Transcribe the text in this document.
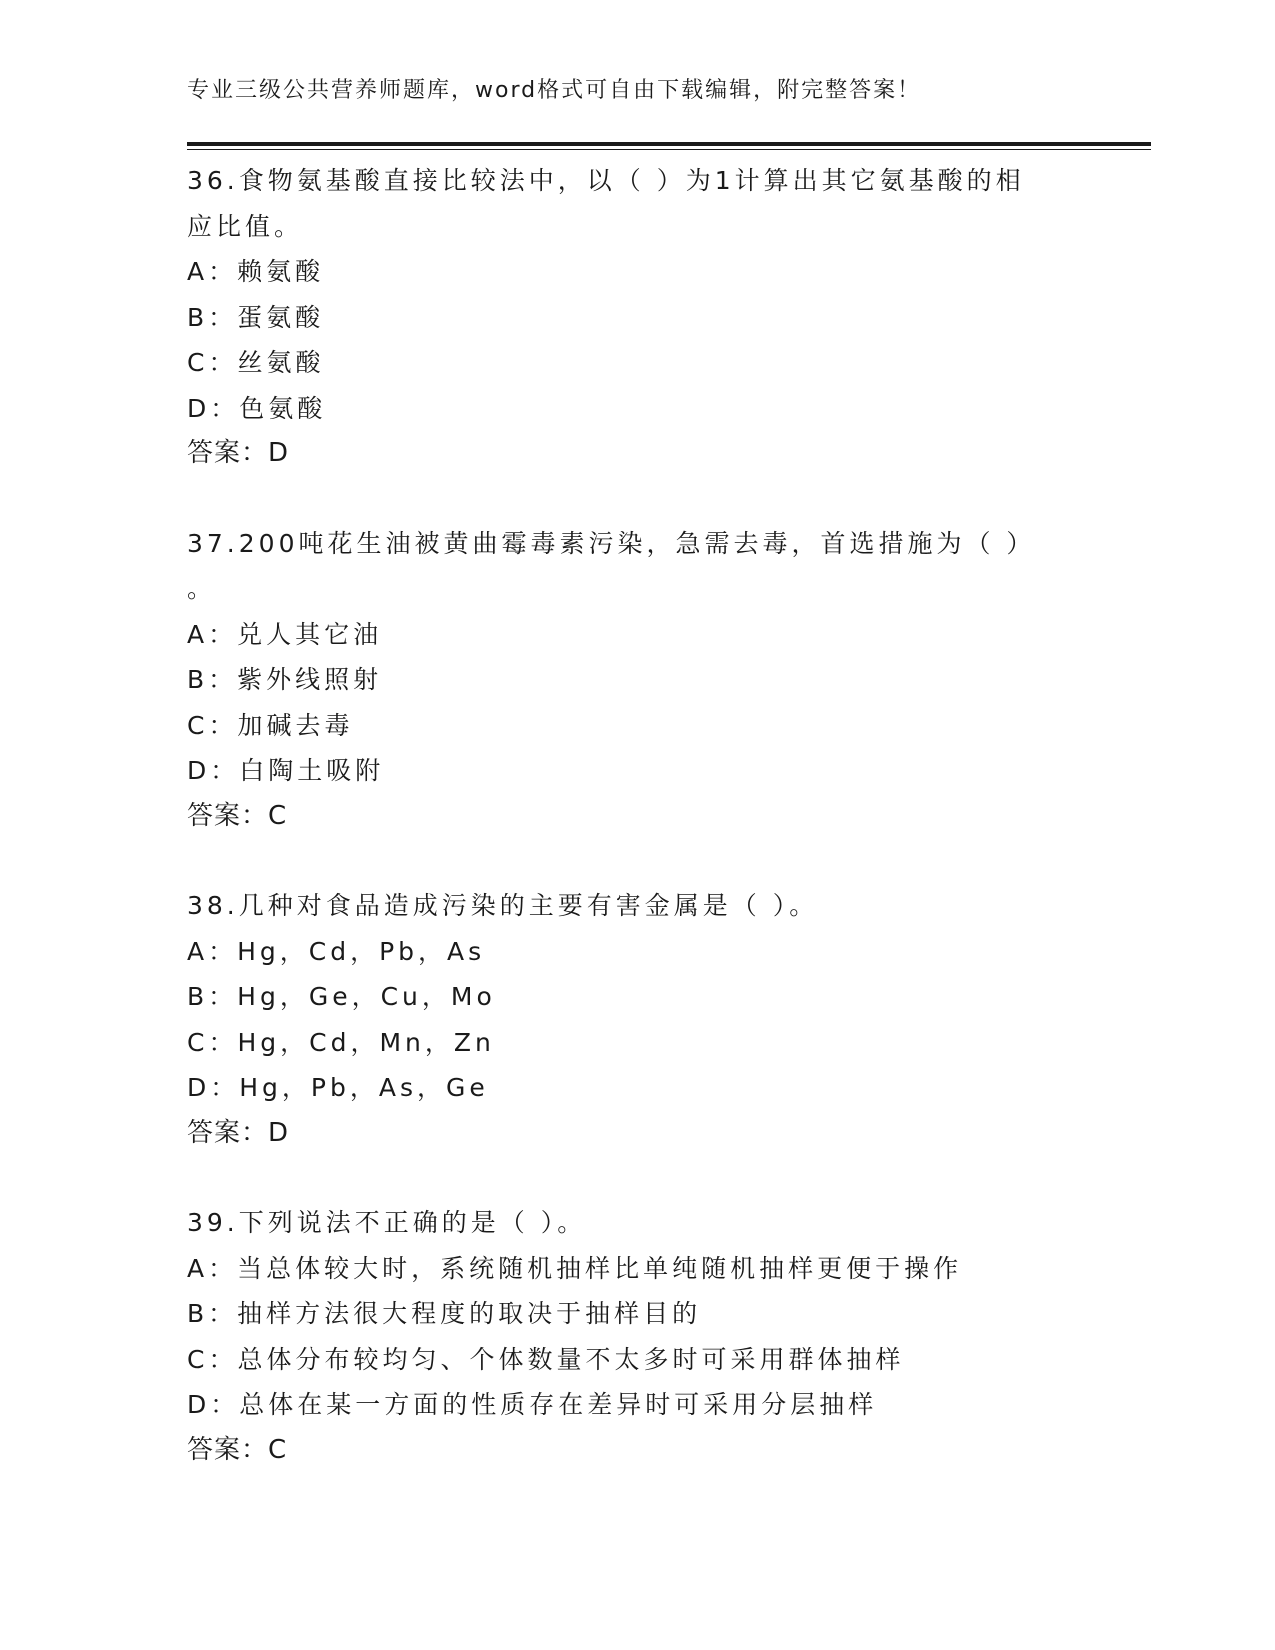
专业三级公共营养师题库，word格式可自由下载编辑，附完整答案！
36.食物氨基酸直接比较法中，以（ ）为1计算出其它氨基酸的相
应比值。
A：赖氨酸
B：蛋氨酸
C：丝氨酸
D：色氨酸
答案：D
37.200吨花生油被黄曲霉毒素污染，急需去毒，首选措施为（ ）
。
A：兑人其它油
B：紫外线照射
C：加碱去毒
D：白陶土吸附
答案：C
38.几种对食品造成污染的主要有害金属是（ ）。
A：Hg，Cd，Pb，As
B：Hg，Ge，Cu，Mo
C：Hg，Cd，Mn，Zn
D：Hg，Pb，As，Ge
答案：D
39.下列说法不正确的是（ ）。
A：当总体较大时，系统随机抽样比单纯随机抽样更便于操作
B：抽样方法很大程度的取决于抽样目的
C：总体分布较均匀、个体数量不太多时可采用群体抽样
D：总体在某一方面的性质存在差异时可采用分层抽样
答案：C
